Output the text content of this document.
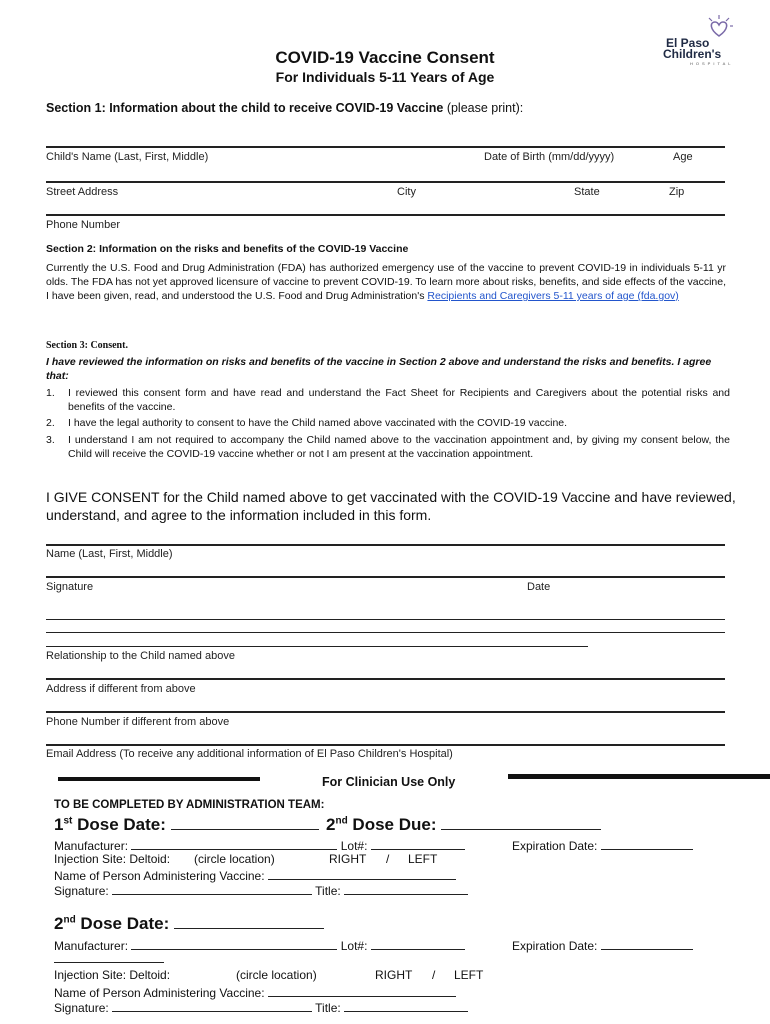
El Paso
Children's
HOSPITAL
COVID-19 Vaccine Consent
For Individuals 5-11 Years of Age
Section 1: Information about the child to receive COVID-19 Vaccine (please print):
Child's Name (Last, First, Middle)	Date of Birth (mm/dd/yyyy)	Age
Street Address	City	State	Zip
Phone Number
Section 2: Information on the risks and benefits of the COVID-19 Vaccine
Currently the U.S. Food and Drug Administration (FDA) has authorized emergency use of the vaccine to prevent COVID-19 in individuals 5-11 yr olds. The FDA has not yet approved licensure of vaccine to prevent COVID-19. To learn more about risks, benefits, and side effects of the vaccine, I have been given, read, and understood the U.S. Food and Drug Administration's Recipients and Caregivers 5-11 years of age (fda.gov)
Section 3: Consent.
I have reviewed the information on risks and benefits of the vaccine in Section 2 above and understand the risks and benefits. I agree that:
1. I reviewed this consent form and have read and understand the Fact Sheet for Recipients and Caregivers about the potential risks and benefits of the vaccine.
2. I have the legal authority to consent to have the Child named above vaccinated with the COVID-19 vaccine.
3. I understand I am not required to accompany the Child named above to the vaccination appointment and, by giving my consent below, the Child will receive the COVID-19 vaccine whether or not I am present at the vaccination appointment.
I GIVE CONSENT for the Child named above to get vaccinated with the COVID-19 Vaccine and have reviewed, understand, and agree to the information included in this form.
Name (Last, First, Middle)
Signature	Date
Relationship to the Child named above
Address if different from above
Phone Number if different from above
Email Address (To receive any additional information of El Paso Children's Hospital)
For Clinician Use Only
TO BE COMPLETED BY ADMINISTRATION TEAM:
1st Dose Date:	2nd Dose Due:
Manufacturer:	Lot#:	Expiration Date:
Injection Site: Deltoid: (circle location)	RIGHT / LEFT
Name of Person Administering Vaccine:
Signature:	Title:
2nd Dose Date:
Manufacturer:	Lot#:	Expiration Date:
Injection Site: Deltoid:	(circle location)	RIGHT / LEFT
Name of Person Administering Vaccine:
Signature:	Title:
